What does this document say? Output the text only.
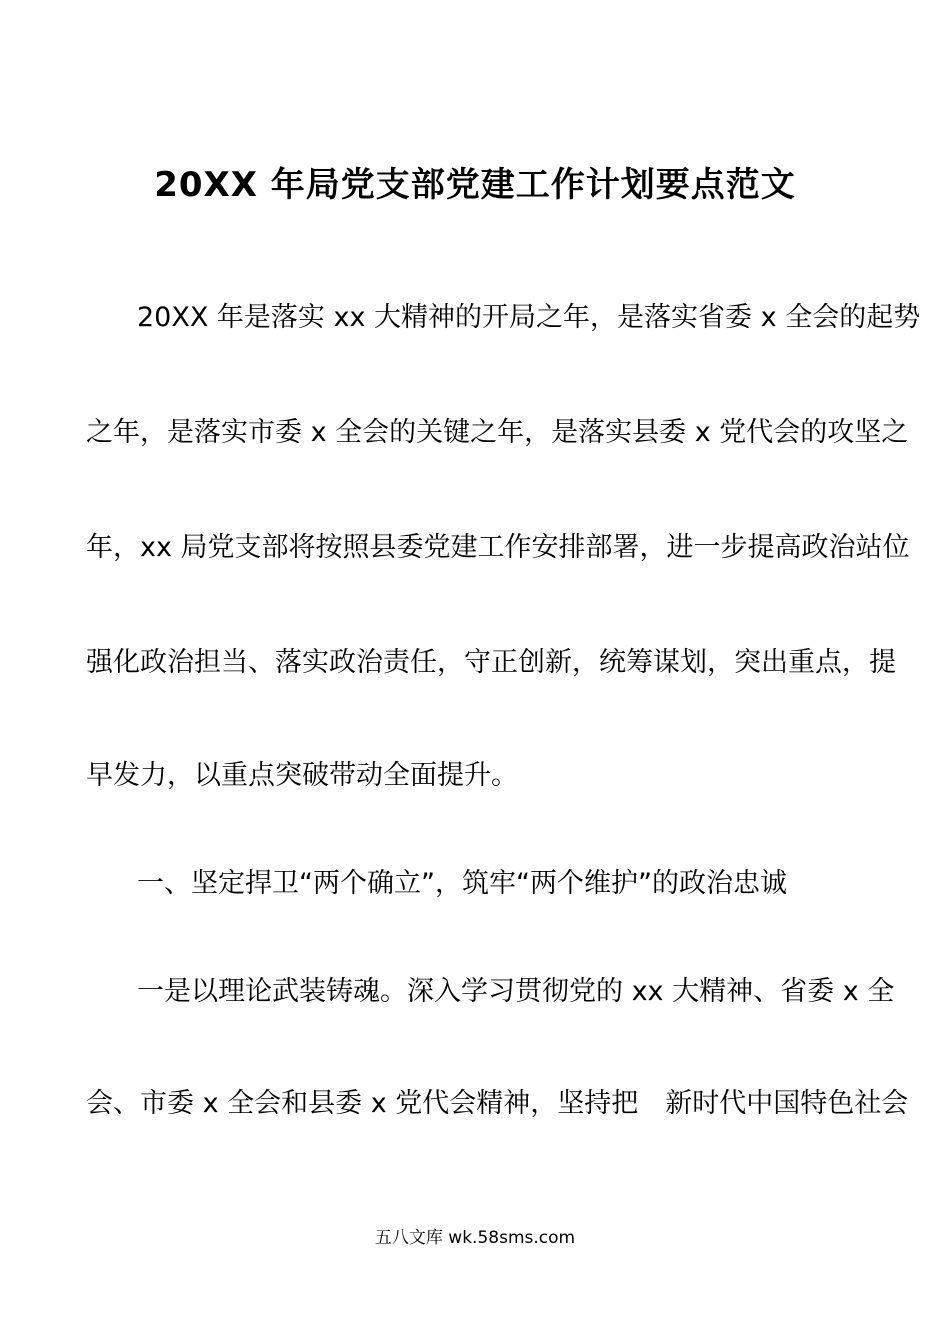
20XX 年局党支部党建工作计划要点范文
20XX 年是落实 xx 大精神的开局之年，是落实省委 x 全会的起势
之年，是落实市委 x 全会的关键之年，是落实县委 x 党代会的攻坚之
年，xx 局党支部将按照县委党建工作安排部署，进一步提高政治站位
强化政治担当、落实政治责任，守正创新，统筹谋划，突出重点，提
早发力，以重点突破带动全面提升。
一、坚定捍卫“两个确立”，筑牢“两个维护”的政治忠诚
一是以理论武装铸魂。深入学习贯彻党的 xx 大精神、省委 x 全
会、市委 x 全会和县委 x 党代会精神，坚持把　新时代中国特色社会
五八文库 wk.58sms.com
